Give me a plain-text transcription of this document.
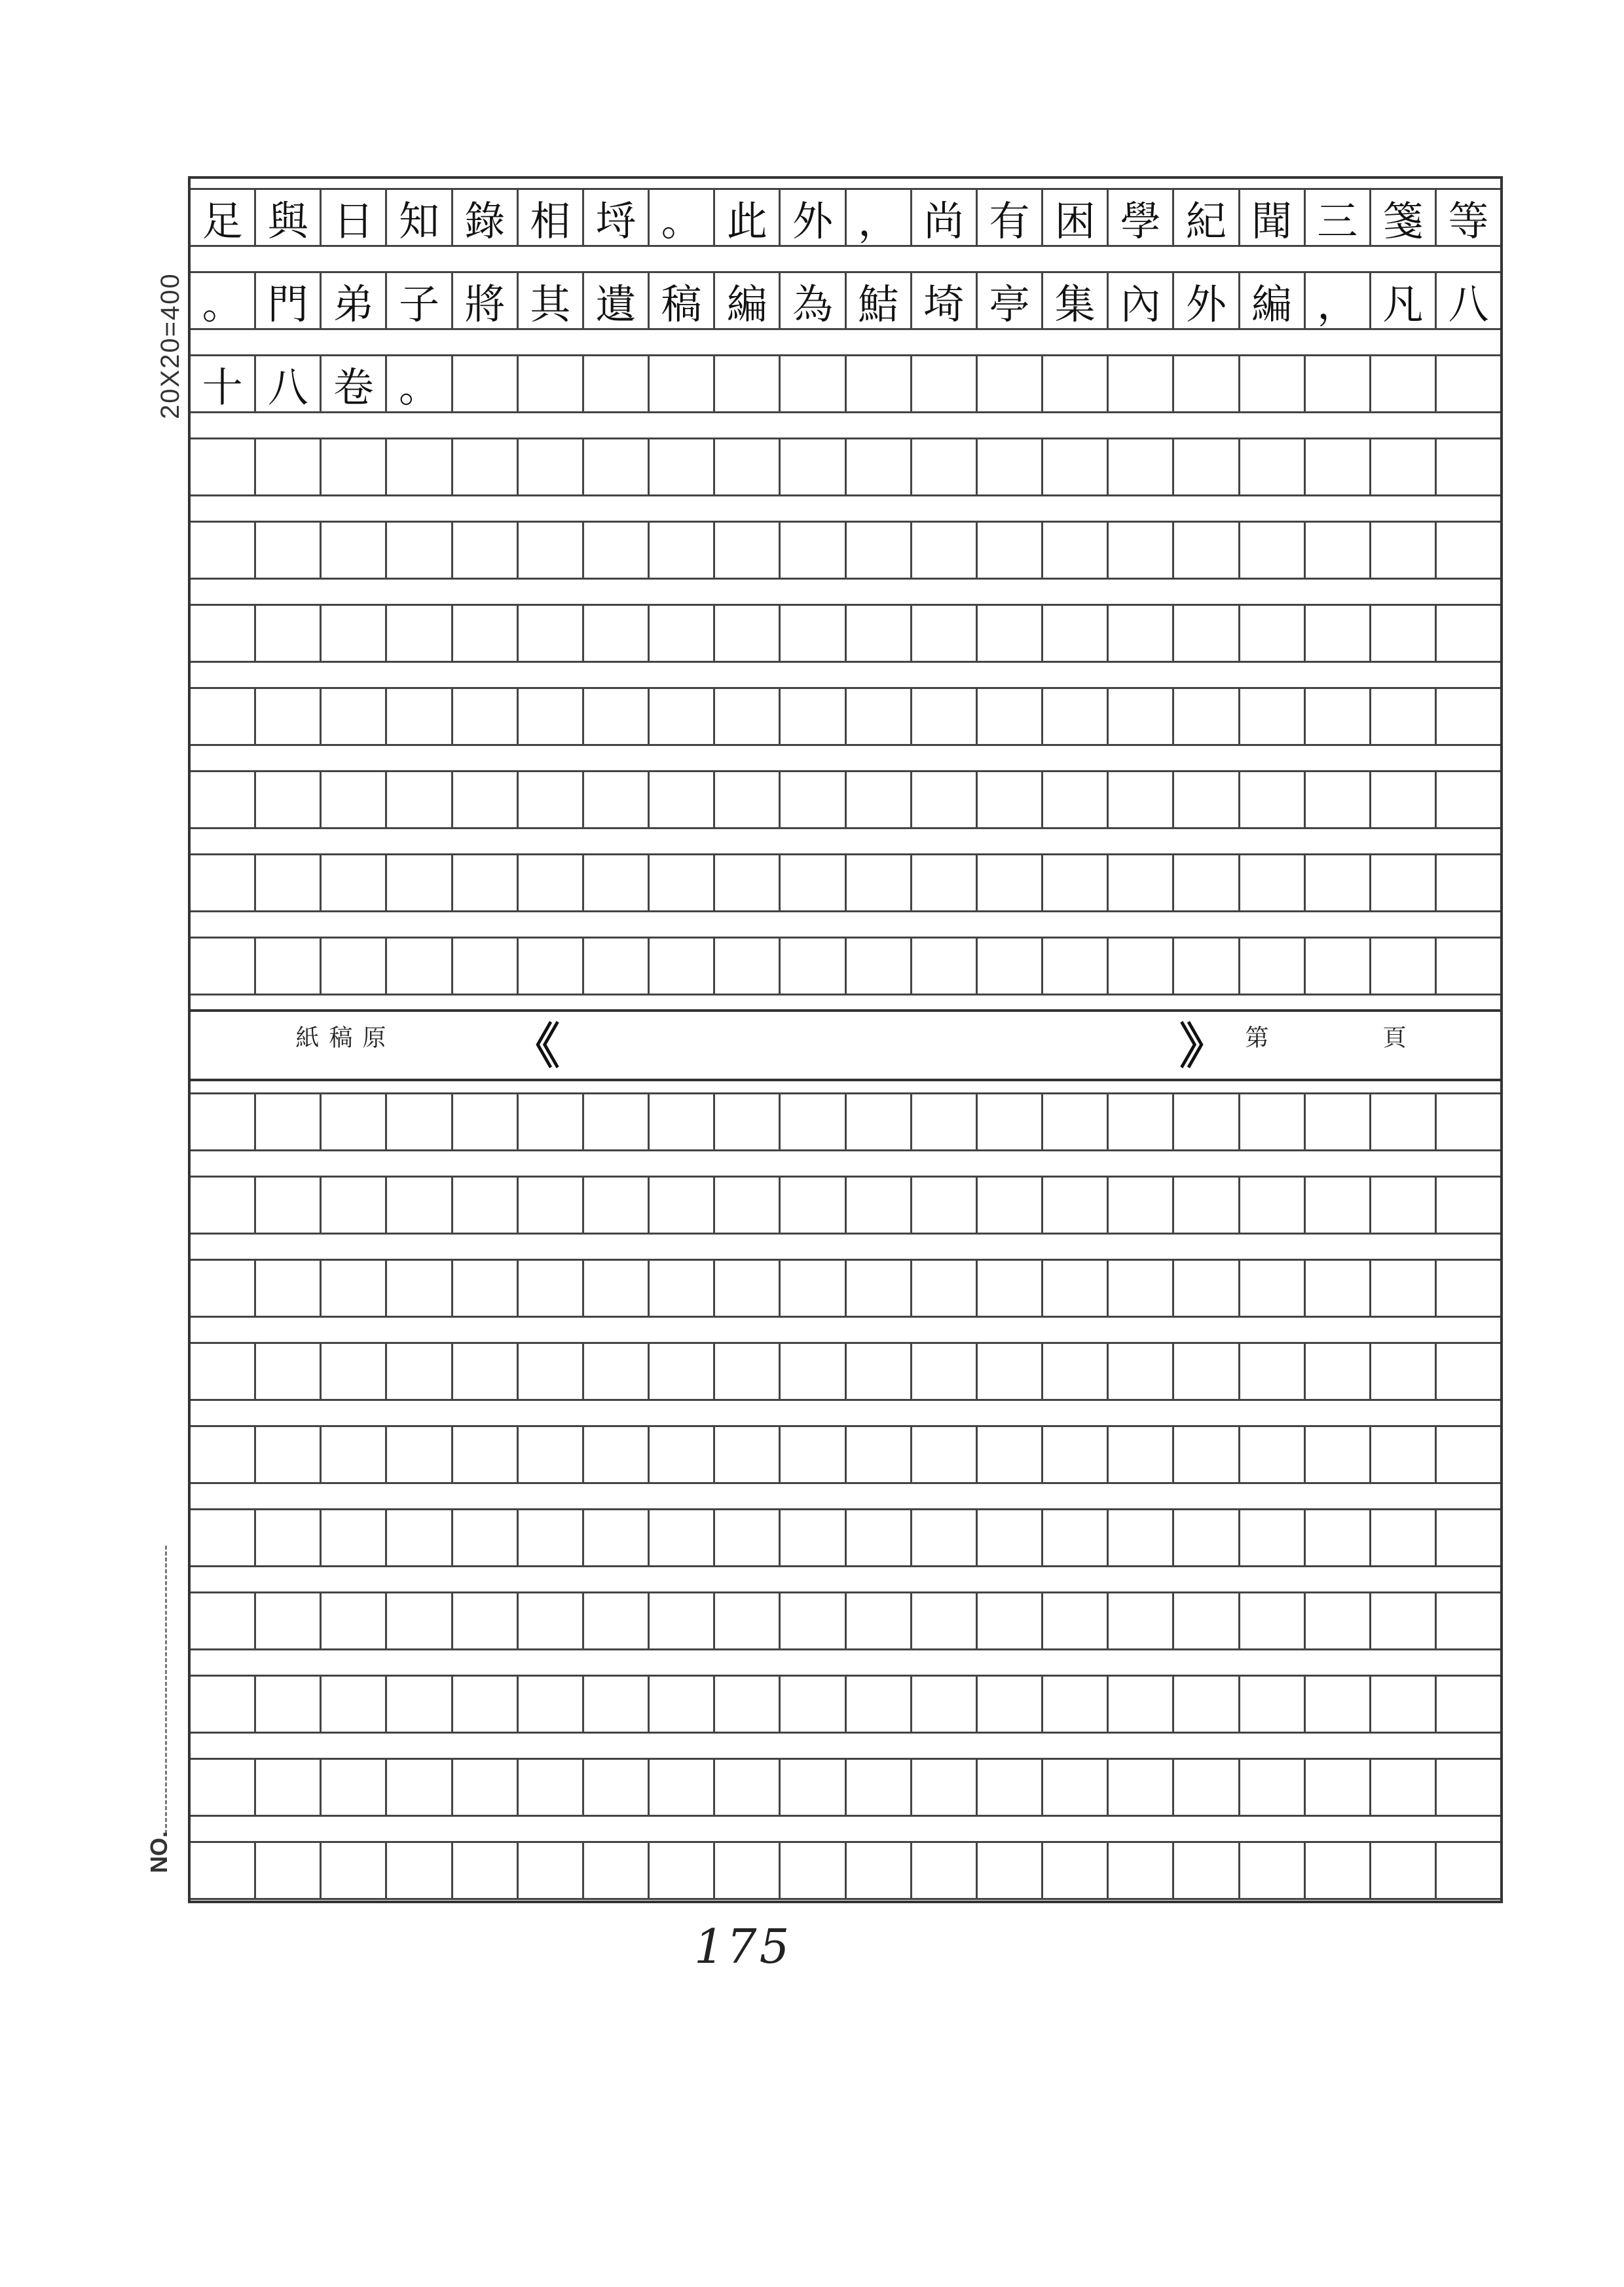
20X20=400
足 與 日 知 錄 相 埒 。 此 外 ， 尚 有 困 學 紀 聞 三 箋 等
。 門 弟 子 將 其 遺 稿 編 為 鮚 埼 亭 集 內 外 編 ， 凡 八
十 八 卷 。
原稿紙	《	》 第	頁
NO.
175
